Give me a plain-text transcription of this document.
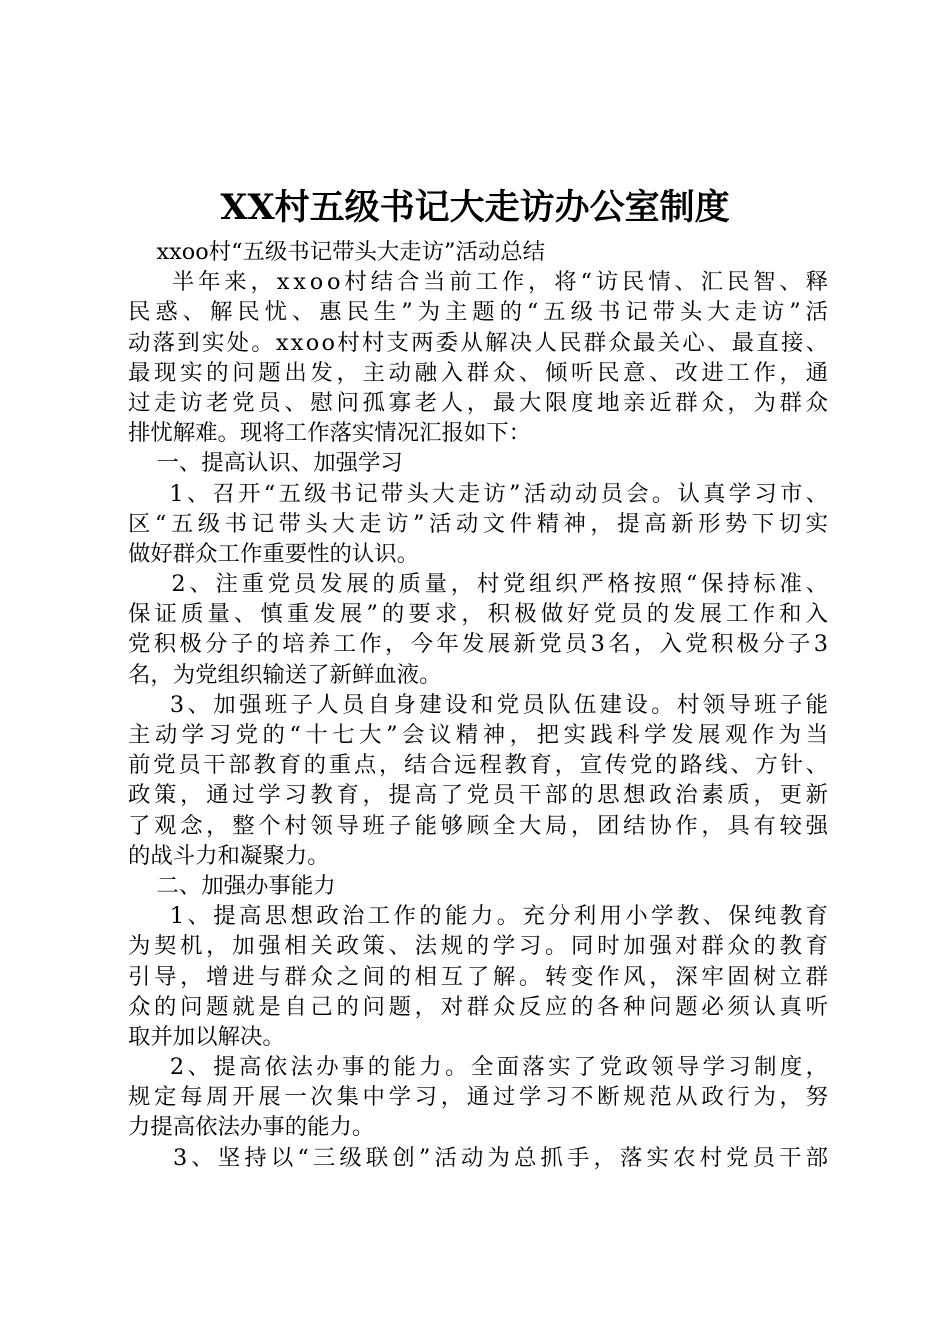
XX村五级书记大走访办公室制度
xxoo村“五级书记带头大走访”活动总结
半年来，xxoo村结合当前工作，将“访民情、汇民智、释
民惑、解民忧、惠民生”为主题的“五级书记带头大走访”活
动落到实处。xxoo村村支两委从解决人民群众最关心、最直接、
最现实的问题出发，主动融入群众、倾听民意、改进工作，通
过走访老党员、慰问孤寡老人，最大限度地亲近群众，为群众
排忧解难。现将工作落实情况汇报如下：
一、提高认识、加强学习
1、召开“五级书记带头大走访”活动动员会。认真学习市、
区“五级书记带头大走访”活动文件精神，提高新形势下切实
做好群众工作重要性的认识。
2、注重党员发展的质量，村党组织严格按照“保持标准、
保证质量、慎重发展”的要求，积极做好党员的发展工作和入
党积极分子的培养工作，今年发展新党员3名，入党积极分子3
名，为党组织输送了新鲜血液。
3、加强班子人员自身建设和党员队伍建设。村领导班子能
主动学习党的“十七大”会议精神，把实践科学发展观作为当
前党员干部教育的重点，结合远程教育，宣传党的路线、方针、
政策，通过学习教育，提高了党员干部的思想政治素质，更新
了观念，整个村领导班子能够顾全大局，团结协作，具有较强
的战斗力和凝聚力。
二、加强办事能力
1、提高思想政治工作的能力。充分利用小学教、保纯教育
为契机，加强相关政策、法规的学习。同时加强对群众的教育
引导，增进与群众之间的相互了解。转变作风，深牢固树立群
众的问题就是自己的问题，对群众反应的各种问题必须认真听
取并加以解决。
2、提高依法办事的能力。全面落实了党政领导学习制度，
规定每周开展一次集中学习，通过学习不断规范从政行为，努
力提高依法办事的能力。
3、坚持以“三级联创”活动为总抓手，落实农村党员干部
